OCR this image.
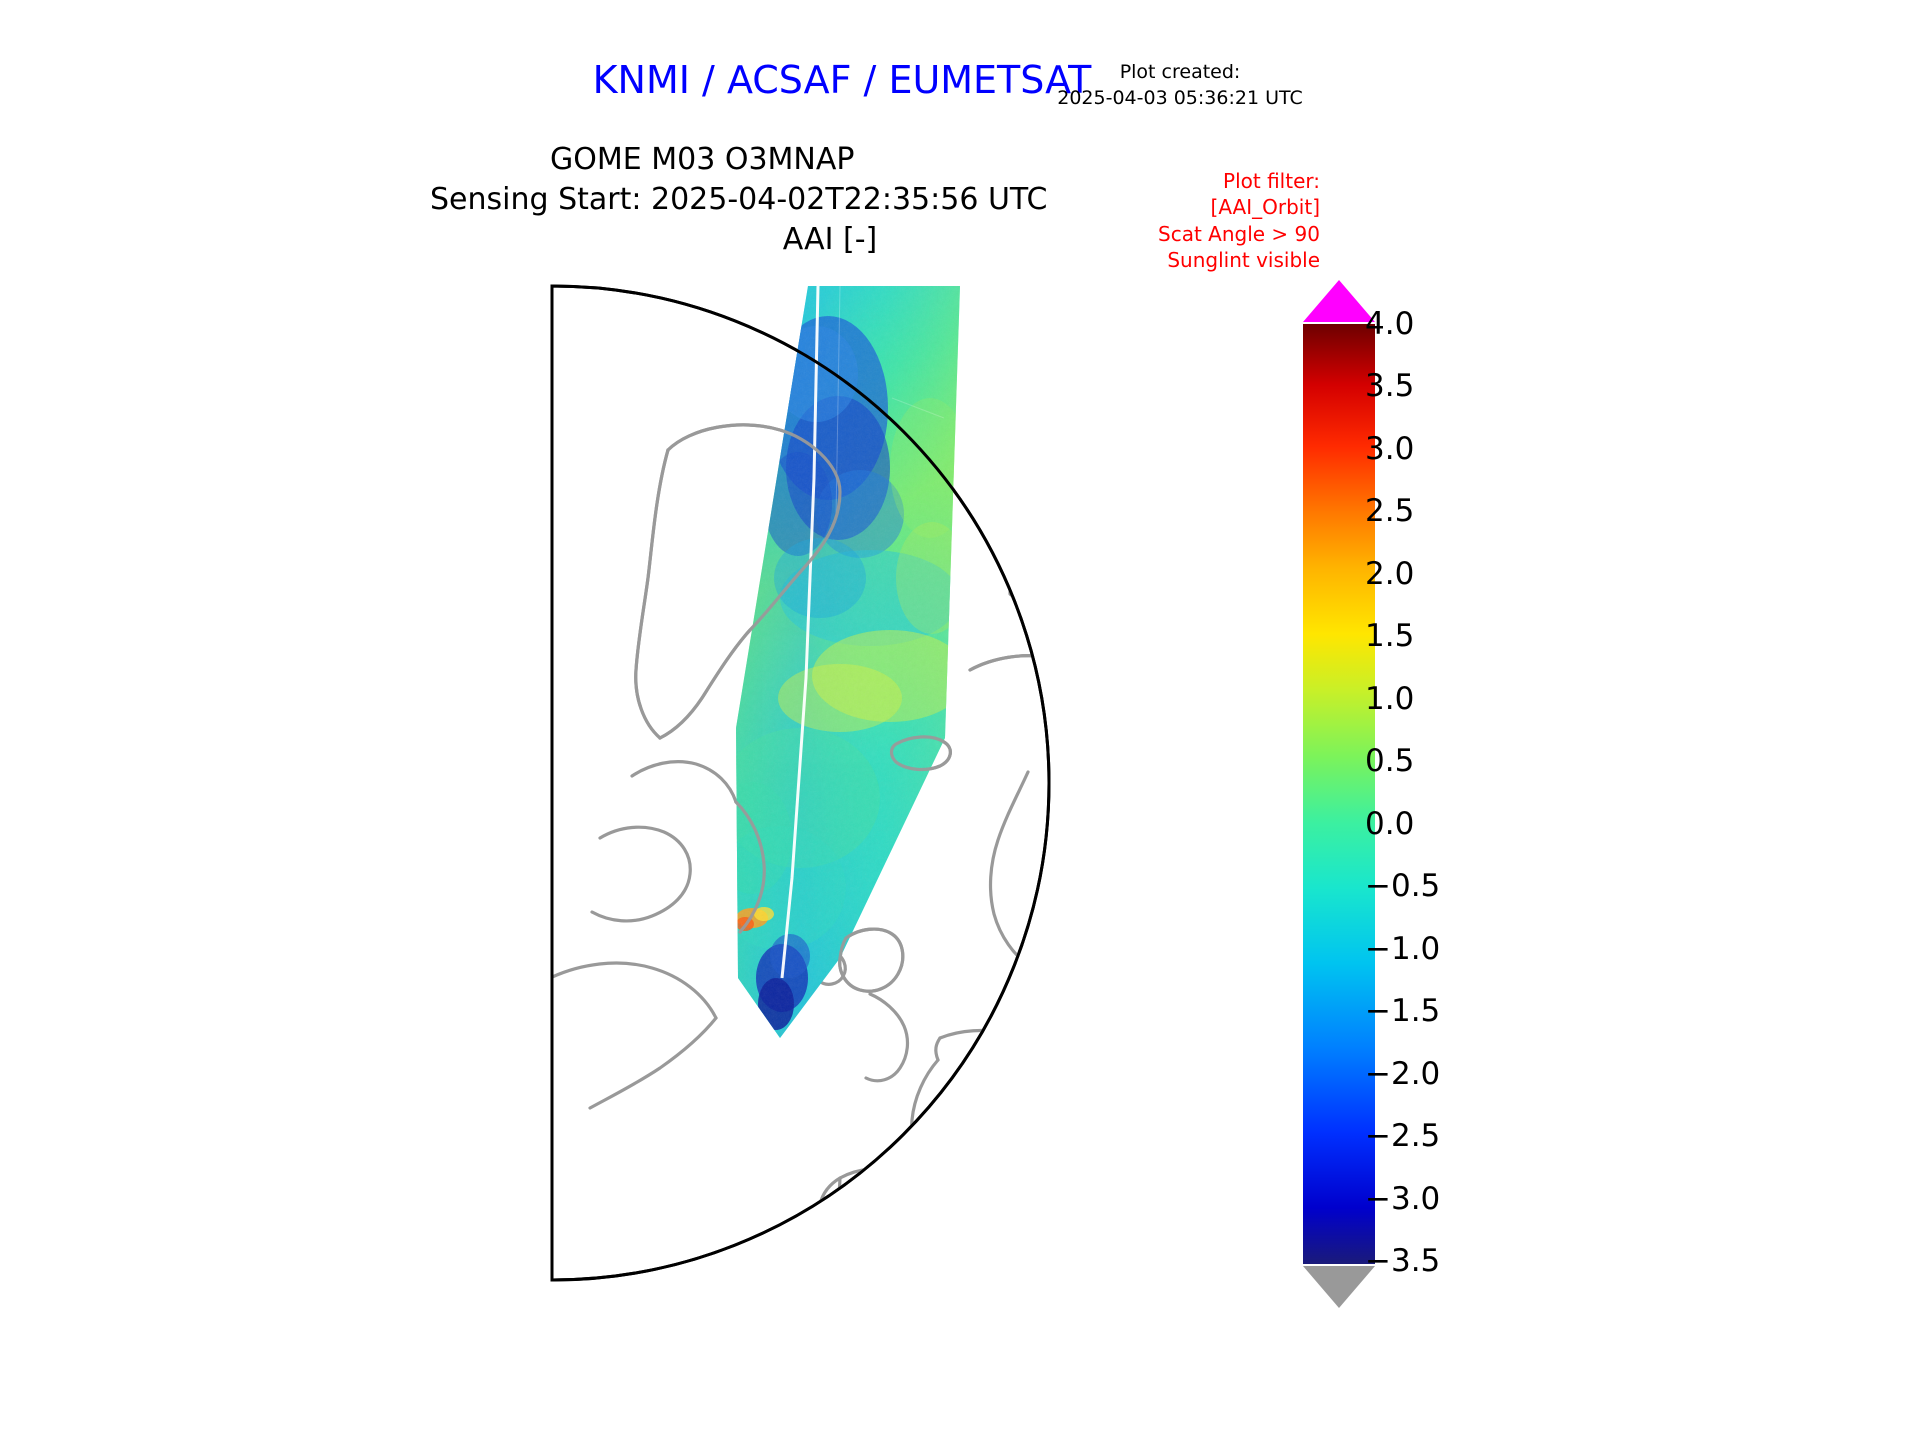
KNMI / ACSAF / EUMETSAT	Plot created:
2025-04-03 05:36:21 UTC
GOME M03 O3MNAP
Sensing Start: 2025-04-02T22:35:56 UTC
AAI [-]
Plot filter:
[AAI_Orbit]
Scat Angle > 90
Sunglint visible
4.0
3.5
3.0
2.5
2.0
1.5
1.0
0.5
0.0
−0.5
−1.0
−1.5
−2.0
−2.5
−3.0
−3.5
